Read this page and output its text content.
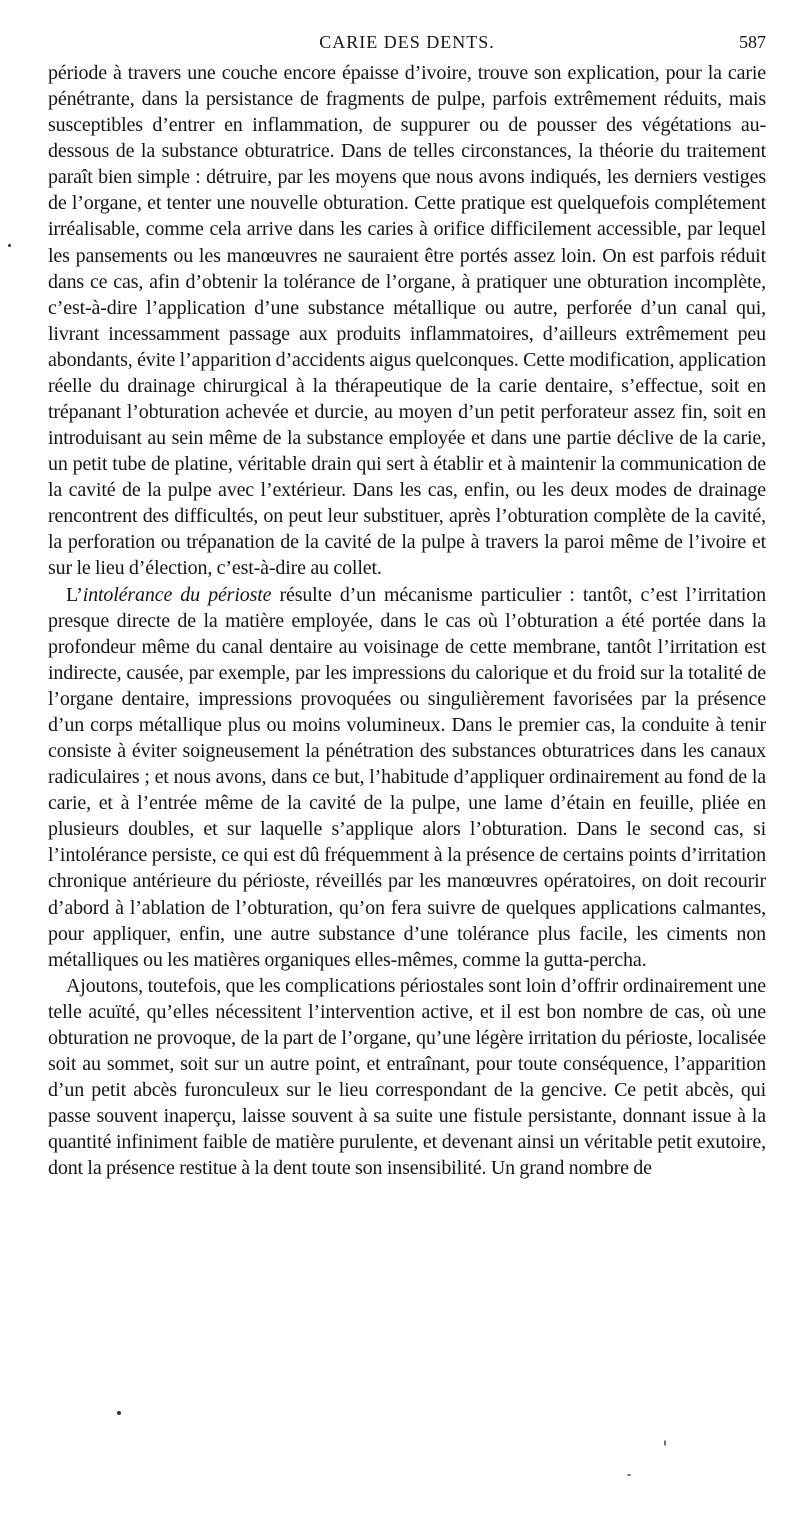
CARIE DES DENTS.	587

période à travers une couche encore épaisse d’ivoire, trouve son explication, pour la carie pénétrante, dans la persistance de fragments de pulpe, parfois extrêmement réduits, mais susceptibles d’entrer en inflammation, de suppurer ou de pousser des végétations au-dessous de la substance obturatrice. Dans de telles circonstances, la théorie du traitement paraît bien simple : détruire, par les moyens que nous avons indiqués, les derniers vestiges de l’organe, et tenter une nouvelle obturation. Cette pratique est quelquefois complétement irréalisable, comme cela arrive dans les caries à orifice difficilement accessible, par lequel les pansements ou les manœuvres ne sauraient être portés assez loin. On est parfois réduit dans ce cas, afin d’obtenir la tolérance de l’organe, à pratiquer une obturation incomplète, c’est-à-dire l’application d’une substance métallique ou autre, perforée d’un canal qui, livrant incessamment passage aux produits inflammatoires, d’ailleurs extrêmement peu abondants, évite l’apparition d’accidents aigus quelconques. Cette modification, application réelle du drainage chirurgical à la thérapeutique de la carie dentaire, s’effectue, soit en trépanant l’obturation achevée et durcie, au moyen d’un petit perforateur assez fin, soit en introduisant au sein même de la substance employée et dans une partie déclive de la carie, un petit tube de platine, véritable drain qui sert à établir et à maintenir la communication de la cavité de la pulpe avec l’extérieur. Dans les cas, enfin, ou les deux modes de drainage rencontrent des difficultés, on peut leur substituer, après l’obturation complète de la cavité, la perforation ou trépanation de la cavité de la pulpe à travers la paroi même de l’ivoire et sur le lieu d’élection, c’est-à-dire au collet.

L’intolérance du périoste résulte d’un mécanisme particulier : tantôt, c’est l’irritation presque directe de la matière employée, dans le cas où l’obturation a été portée dans la profondeur même du canal dentaire au voisinage de cette membrane, tantôt l’irritation est indirecte, causée, par exemple, par les impressions du calorique et du froid sur la totalité de l’organe dentaire, impressions provoquées ou singulièrement favorisées par la présence d’un corps métallique plus ou moins volumineux. Dans le premier cas, la conduite à tenir consiste à éviter soigneusement la pénétration des substances obturatrices dans les canaux radiculaires ; et nous avons, dans ce but, l’habitude d’appliquer ordinairement au fond de la carie, et à l’entrée même de la cavité de la pulpe, une lame d’étain en feuille, pliée en plusieurs doubles, et sur laquelle s’applique alors l’obturation. Dans le second cas, si l’intolérance persiste, ce qui est dû fréquemment à la présence de certains points d’irritation chronique antérieure du périoste, réveillés par les manœuvres opératoires, on doit recourir d’abord à l’ablation de l’obturation, qu’on fera suivre de quelques applications calmantes, pour appliquer, enfin, une autre substance d’une tolérance plus facile, les ciments non métalliques ou les matières organiques elles-mêmes, comme la gutta-percha.

Ajoutons, toutefois, que les complications périostales sont loin d’offrir ordinairement une telle acuïté, qu’elles nécessitent l’intervention active, et il est bon nombre de cas, où une obturation ne provoque, de la part de l’organe, qu’une légère irritation du périoste, localisée soit au sommet, soit sur un autre point, et entraînant, pour toute conséquence, l’apparition d’un petit abcès furonculeux sur le lieu correspondant de la gencive. Ce petit abcès, qui passe souvent inaperçu, laisse souvent à sa suite une fistule persistante, donnant issue à la quantité infiniment faible de matière purulente, et devenant ainsi un véritable petit exutoire, dont la présence restitue à la dent toute son insensibilité. Un grand nombre de
